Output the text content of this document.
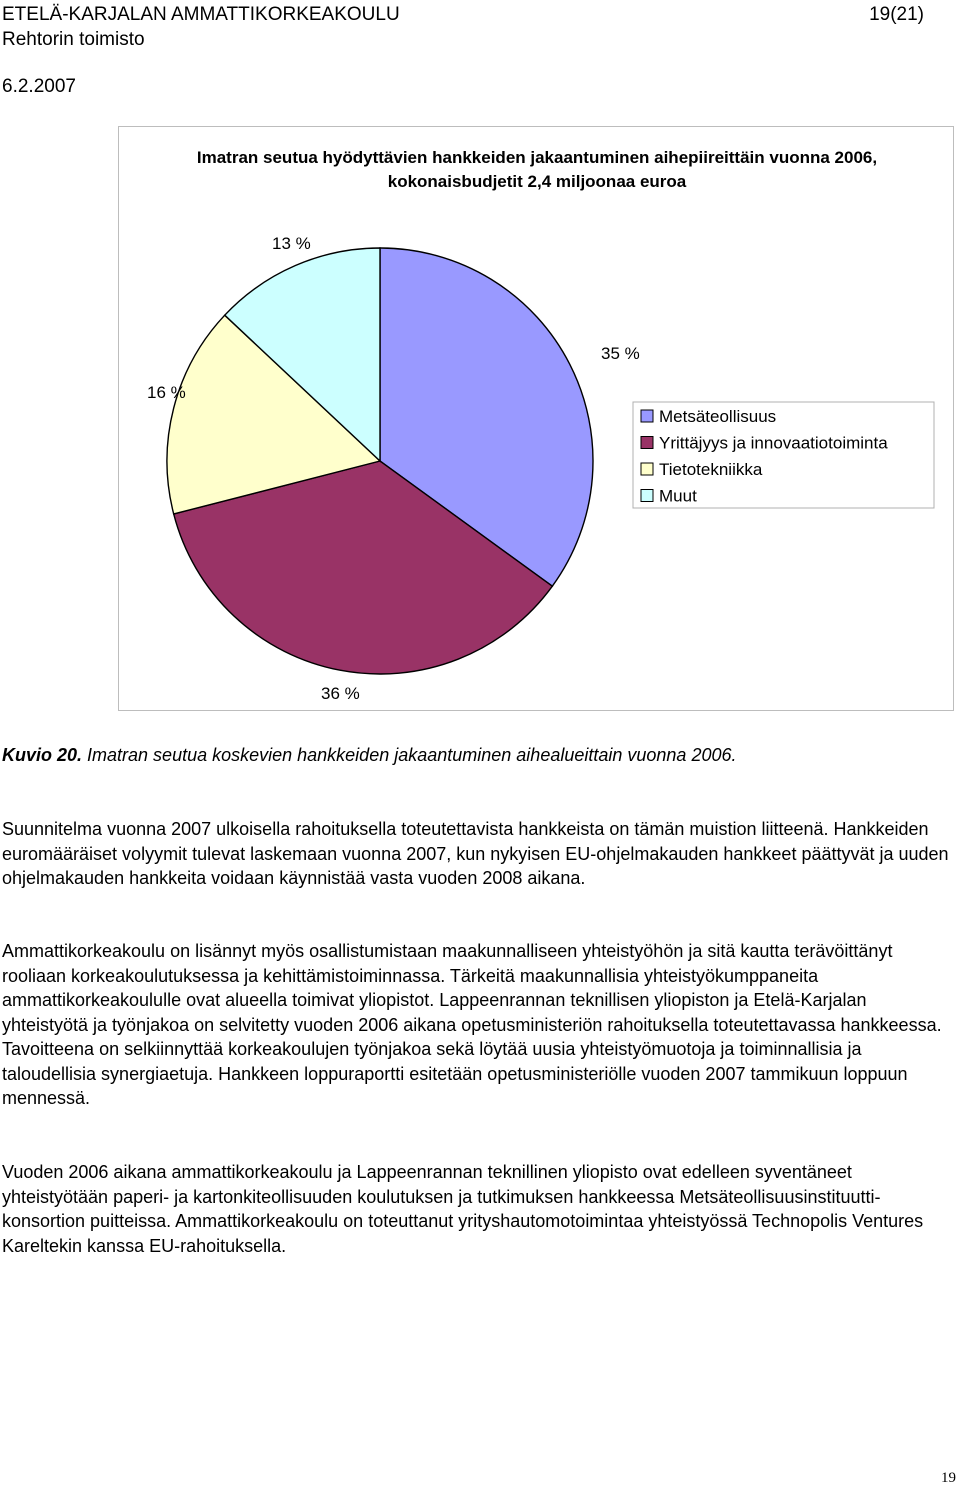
ETELÄ-KARJALAN AMMATTIKORKEAKOULU	19(21)
Rehtorin toimisto
6.2.2007
Imatran seutua hyödyttävien hankkeiden jakaantuminen aihepiireittäin vuonna 2006,
kokonaisbudjetit 2,4 miljoonaa euroa
35 %
36 %
16 %
13 %
Metsäteollisuus
Yrittäjyys ja innovaatiotoiminta
Tietotekniikka
Muut
Kuvio 20. Imatran seutua koskevien hankkeiden jakaantuminen aihealueittain vuonna 2006.
Suunnitelma vuonna 2007 ulkoisella rahoituksella toteutettavista hankkeista on tämän muistion liitteenä. Hankkeiden euromääräiset volyymit tulevat laskemaan vuonna 2007, kun nykyisen EU-ohjelmakauden hankkeet päättyvät ja uuden ohjelmakauden hankkeita voidaan käynnistää vasta vuoden 2008 aikana.
Ammattikorkeakoulu on lisännyt myös osallistumistaan maakunnalliseen yhteistyöhön ja sitä kautta terävöittänyt rooliaan korkeakoulutuksessa ja kehittämistoiminnassa. Tärkeitä maakunnallisia yhteistyökumppaneita ammattikorkeakoululle ovat alueella toimivat yliopistot. Lappeenrannan teknillisen yliopiston ja Etelä-Karjalan yhteistyötä ja työnjakoa on selvitetty vuoden 2006 aikana opetusministeriön rahoituksella toteutettavassa hankkeessa. Tavoitteena on selkiinnyttää korkeakoulujen työnjakoa sekä löytää uusia yhteistyömuotoja ja toiminnallisia ja taloudellisia synergiaetuja. Hankkeen loppuraportti esitetään opetusministeriölle vuoden 2007 tammikuun loppuun mennessä.
Vuoden 2006 aikana ammattikorkeakoulu ja Lappeenrannan teknillinen yliopisto ovat edelleen syventäneet yhteistyötään paperi- ja kartonkiteollisuuden koulutuksen ja tutkimuksen hankkeessa Metsäteollisuusinstituutti-konsortion puitteissa. Ammattikorkeakoulu on toteuttanut yrityshautomotoimintaa yhteistyössä Technopolis Ventures Kareltekin kanssa EU-rahoituksella.
19
